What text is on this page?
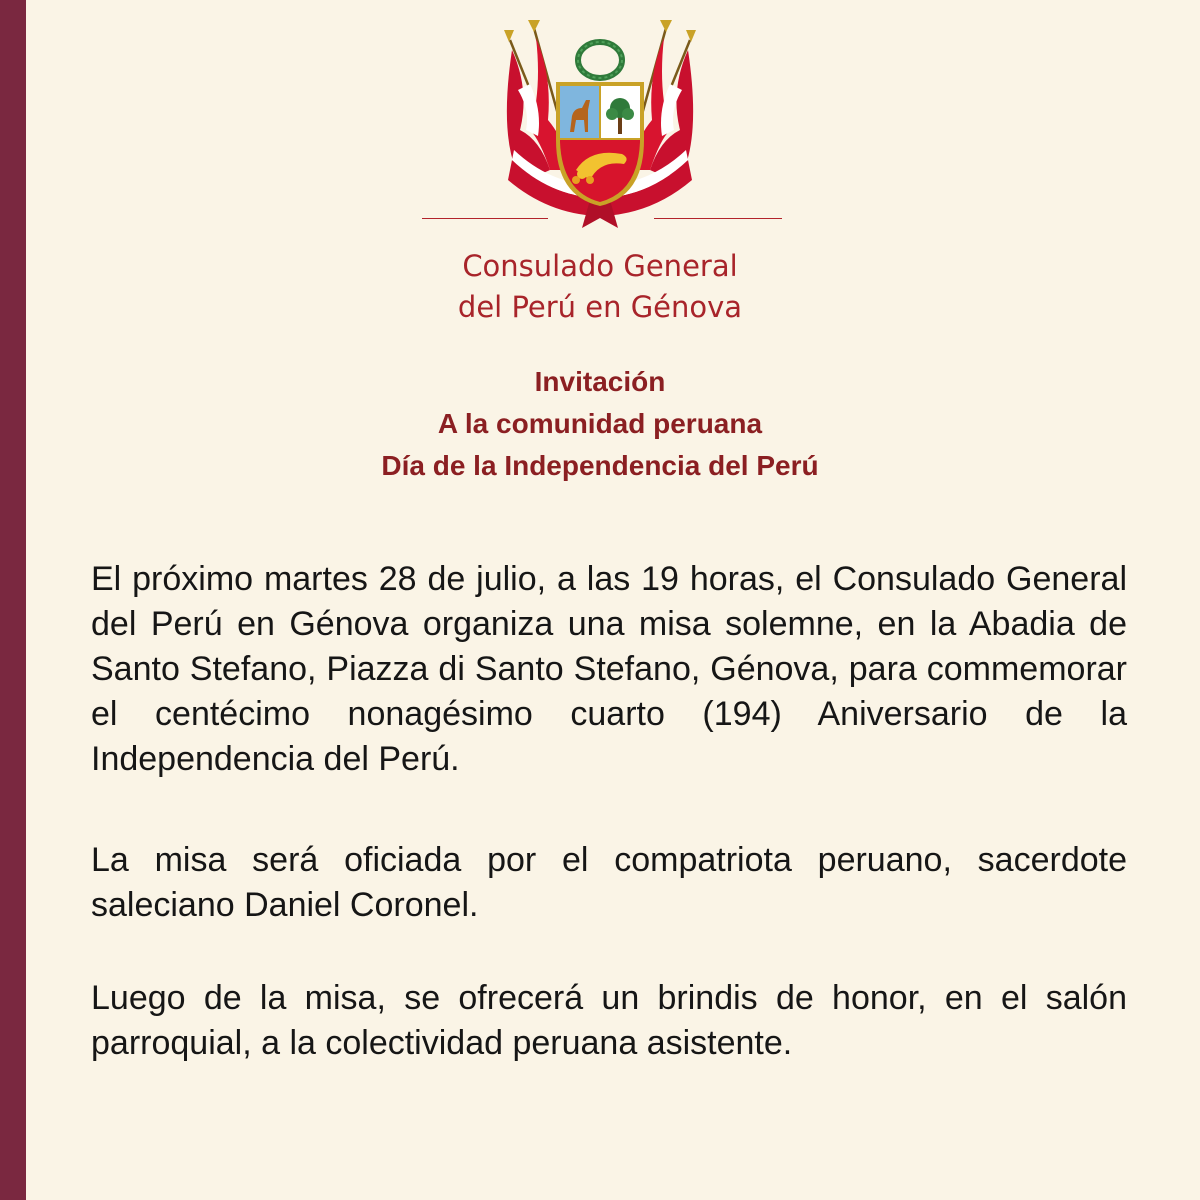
Consulado General
del Perú en Génova
Invitación
A la comunidad peruana
Día de la Independencia del Perú

El próximo martes 28 de julio, a las 19 horas, el Consulado General del Perú en Génova organiza una misa solemne, en la Abadia de Santo Stefano, Piazza di Santo Stefano, Génova, para commemorar el centécimo nonagésimo cuarto (194) Aniversario de la Independencia del Perú.

La misa será oficiada por el compatriota peruano, sacerdote saleciano Daniel Coronel.

Luego de la misa, se ofrecerá un brindis de honor, en el salón parroquial, a la colectividad peruana asistente.
